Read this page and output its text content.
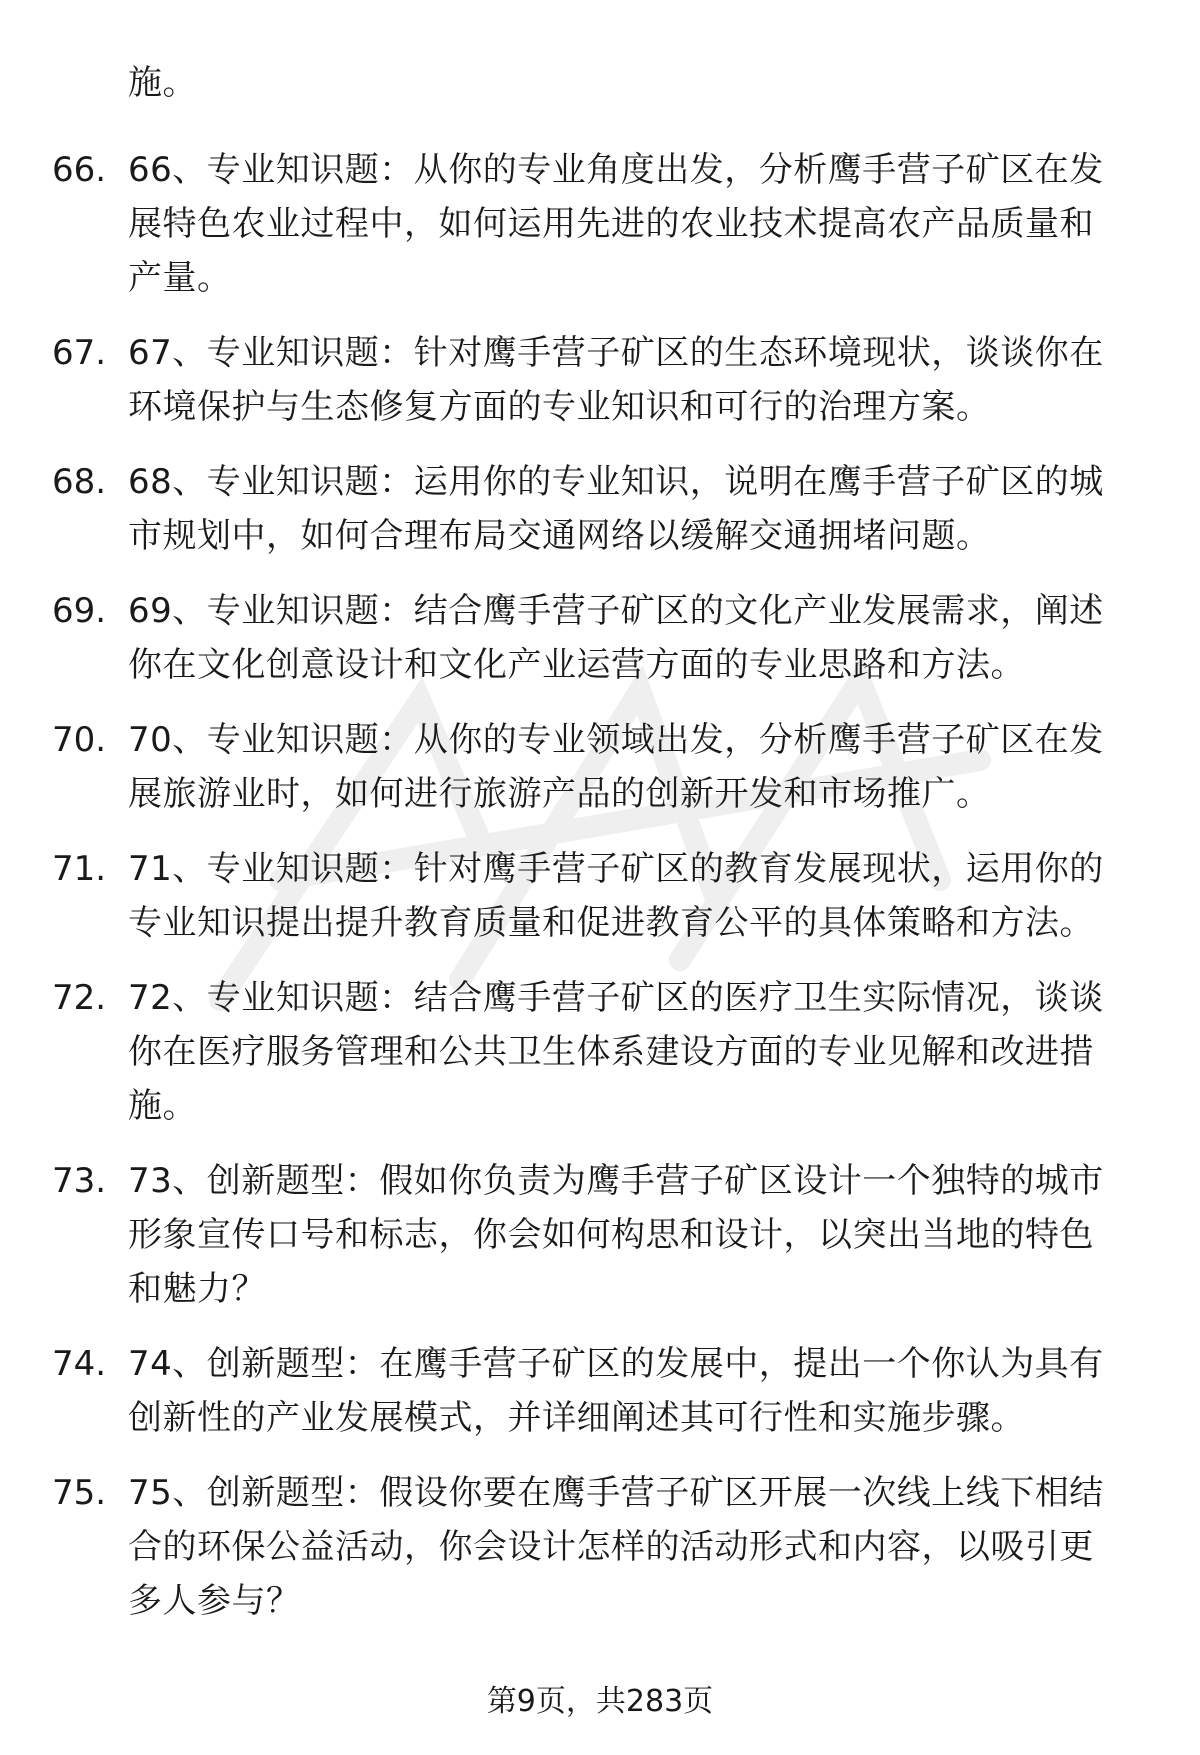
施。
66. 66、专业知识题：从你的专业角度出发，分析鹰手营子矿区在发
展特色农业过程中，如何运用先进的农业技术提高农产品质量和
产量。
67. 67、专业知识题：针对鹰手营子矿区的生态环境现状，谈谈你在
环境保护与生态修复方面的专业知识和可行的治理方案。
68. 68、专业知识题：运用你的专业知识，说明在鹰手营子矿区的城
市规划中，如何合理布局交通网络以缓解交通拥堵问题。
69. 69、专业知识题：结合鹰手营子矿区的文化产业发展需求，阐述
你在文化创意设计和文化产业运营方面的专业思路和方法。
70. 70、专业知识题：从你的专业领域出发，分析鹰手营子矿区在发
展旅游业时，如何进行旅游产品的创新开发和市场推广。
71. 71、专业知识题：针对鹰手营子矿区的教育发展现状，运用你的
专业知识提出提升教育质量和促进教育公平的具体策略和方法。
72. 72、专业知识题：结合鹰手营子矿区的医疗卫生实际情况，谈谈
你在医疗服务管理和公共卫生体系建设方面的专业见解和改进措
施。
73. 73、创新题型：假如你负责为鹰手营子矿区设计一个独特的城市
形象宣传口号和标志，你会如何构思和设计，以突出当地的特色
和魅力？
74. 74、创新题型：在鹰手营子矿区的发展中，提出一个你认为具有
创新性的产业发展模式，并详细阐述其可行性和实施步骤。
75. 75、创新题型：假设你要在鹰手营子矿区开展一次线上线下相结
合的环保公益活动，你会设计怎样的活动形式和内容，以吸引更
多人参与？
第9页，共283页
